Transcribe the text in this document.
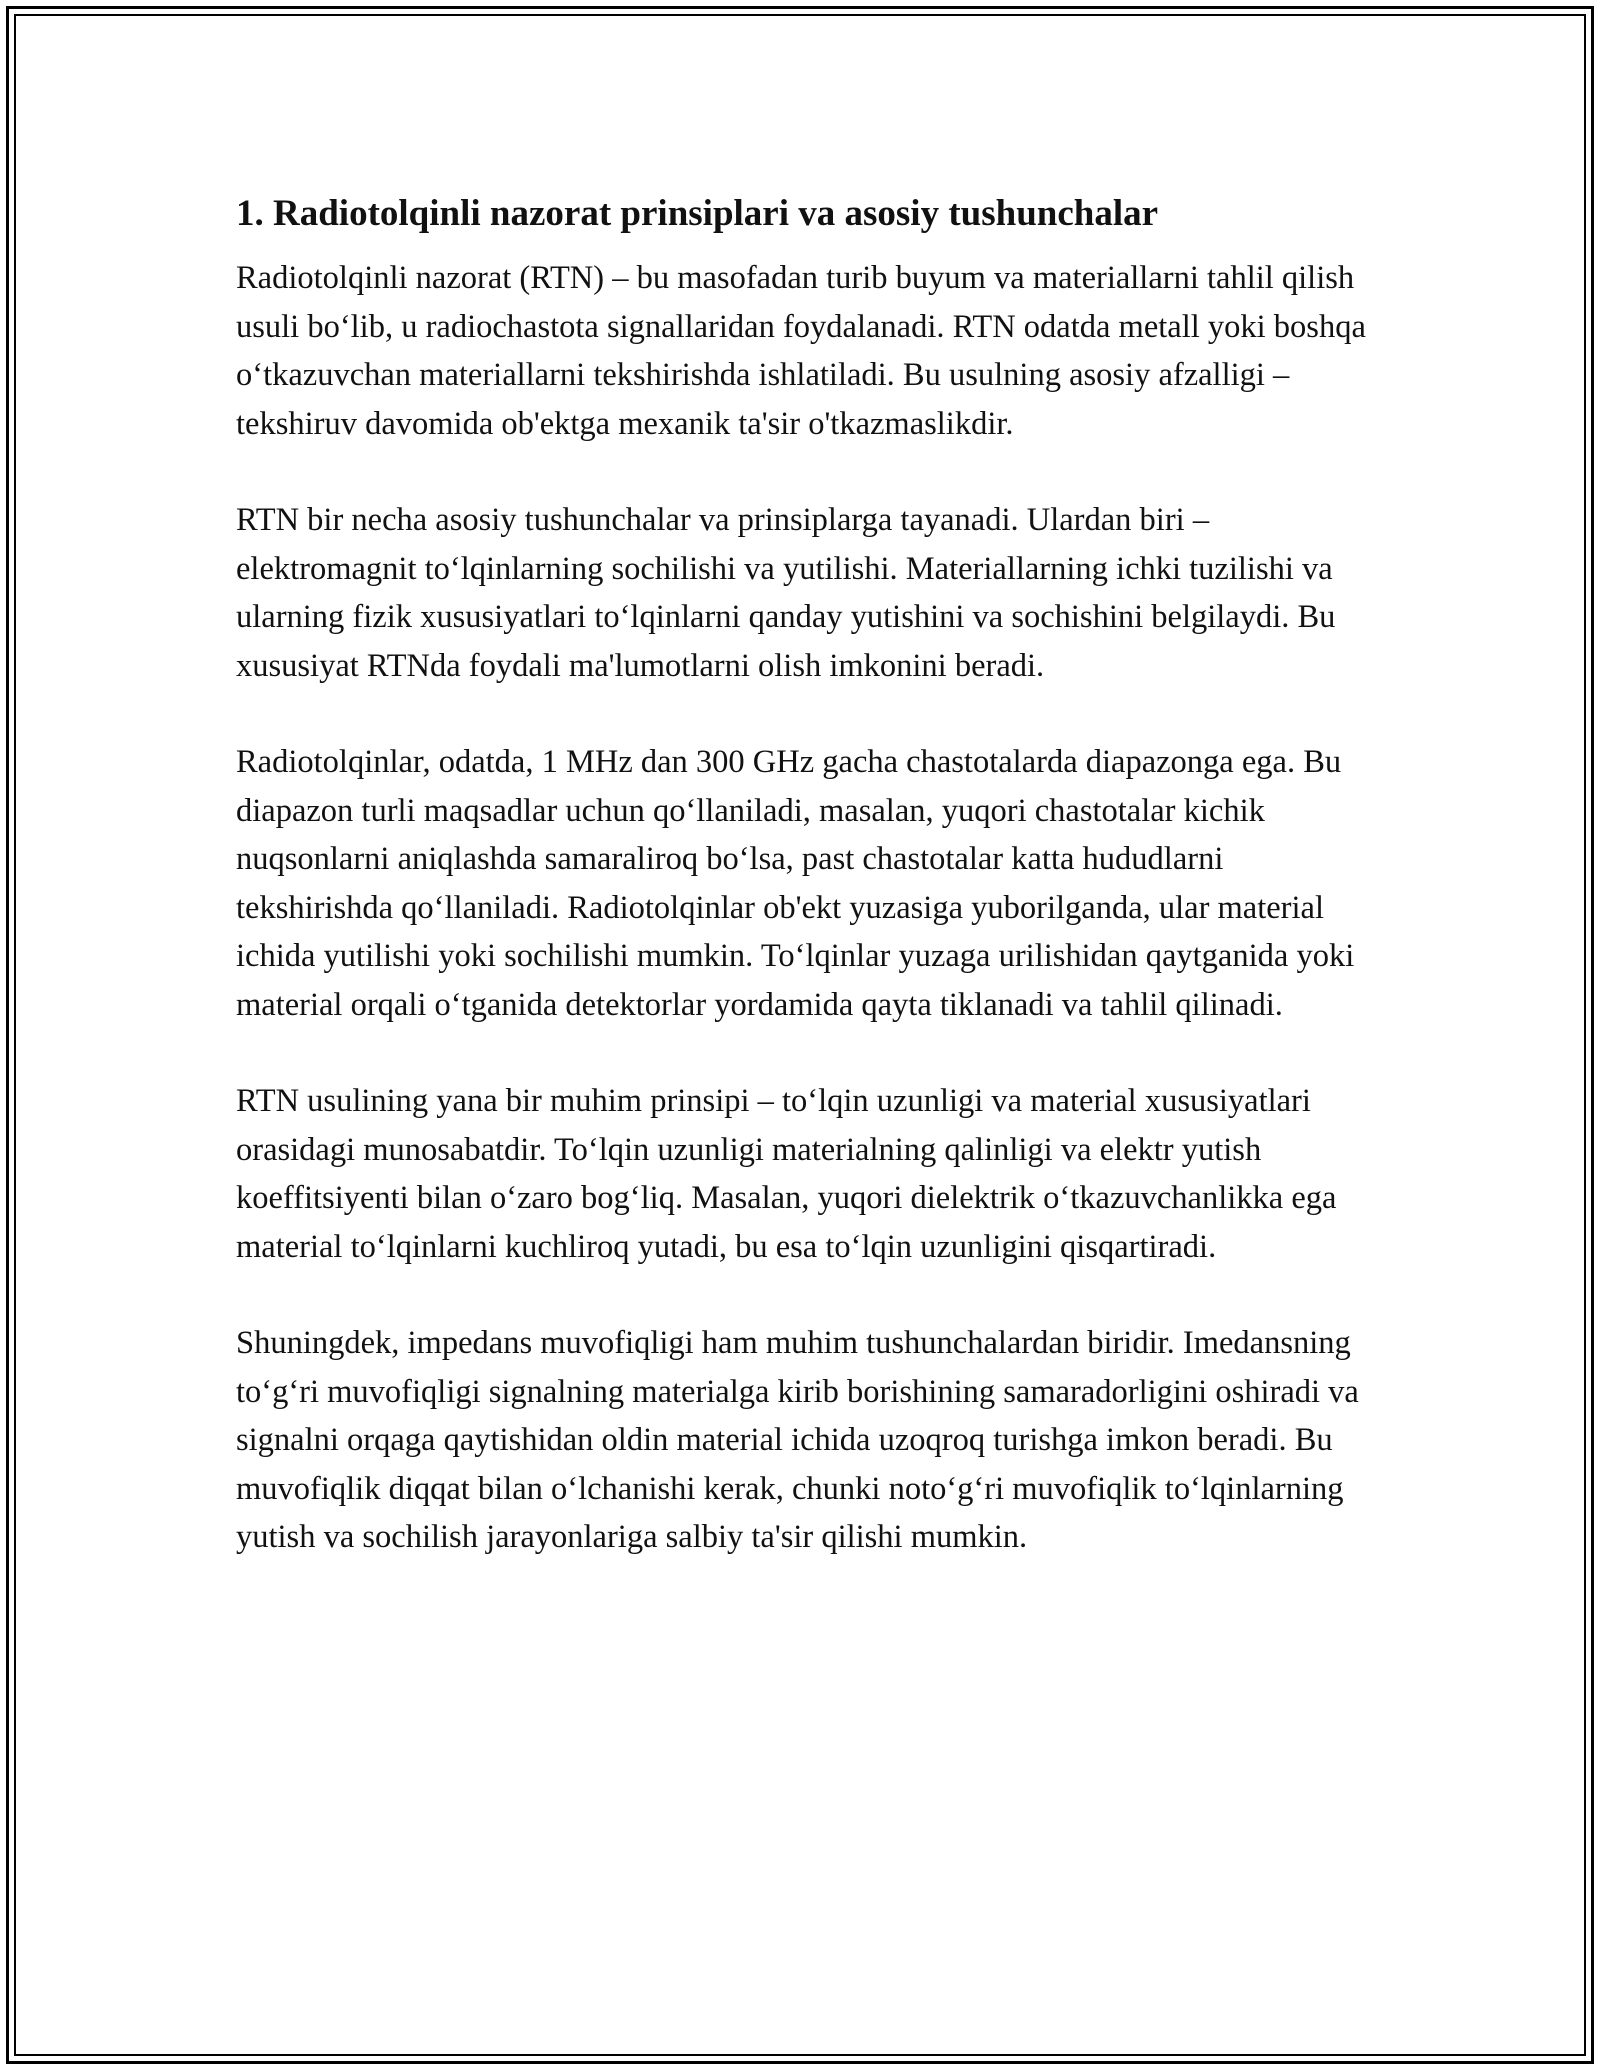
1. Radiotolqinli nazorat prinsiplari va asosiy tushunchalar

Radiotolqinli nazorat (RTN) – bu masofadan turib buyum va materiallarni tahlil qilish usuli bo‘lib, u radiochastota signallaridan foydalanadi. RTN odatda metall yoki boshqa o‘tkazuvchan materiallarni tekshirishda ishlatiladi. Bu usulning asosiy afzalligi – tekshiruv davomida ob'ektga mexanik ta'sir o'tkazmaslikdir.

RTN bir necha asosiy tushunchalar va prinsiplarga tayanadi. Ulardan biri – elektromagnit to‘lqinlarning sochilishi va yutilishi. Materiallarning ichki tuzilishi va ularning fizik xususiyatlari to‘lqinlarni qanday yutishini va sochishini belgilaydi. Bu xususiyat RTNda foydali ma'lumotlarni olish imkonini beradi.

Radiotolqinlar, odatda, 1 MHz dan 300 GHz gacha chastotalarda diapazonga ega. Bu diapazon turli maqsadlar uchun qo‘llaniladi, masalan, yuqori chastotalar kichik nuqsonlarni aniqlashda samaraliroq bo‘lsa, past chastotalar katta hududlarni tekshirishda qo‘llaniladi. Radiotolqinlar ob'ekt yuzasiga yuborilganda, ular material ichida yutilishi yoki sochilishi mumkin. To‘lqinlar yuzaga urilishidan qaytganida yoki material orqali o‘tganida detektorlar yordamida qayta tiklanadi va tahlil qilinadi.

RTN usulining yana bir muhim prinsipi – to‘lqin uzunligi va material xususiyatlari orasidagi munosabatdir. To‘lqin uzunligi materialning qalinligi va elektr yutish koeffitsiyenti bilan o‘zaro bog‘liq. Masalan, yuqori dielektrik o‘tkazuvchanlikka ega material to‘lqinlarni kuchliroq yutadi, bu esa to‘lqin uzunligini qisqartiradi.

Shuningdek, impedans muvofiqligi ham muhim tushunchalardan biridir. Imedansning to‘g‘ri muvofiqligi signalning materialga kirib borishining samaradorligini oshiradi va signalni orqaga qaytishidan oldin material ichida uzoqroq turishga imkon beradi. Bu muvofiqlik diqqat bilan o‘lchanishi kerak, chunki noto‘g‘ri muvofiqlik to‘lqinlarning yutish va sochilish jarayonlariga salbiy ta'sir qilishi mumkin.
